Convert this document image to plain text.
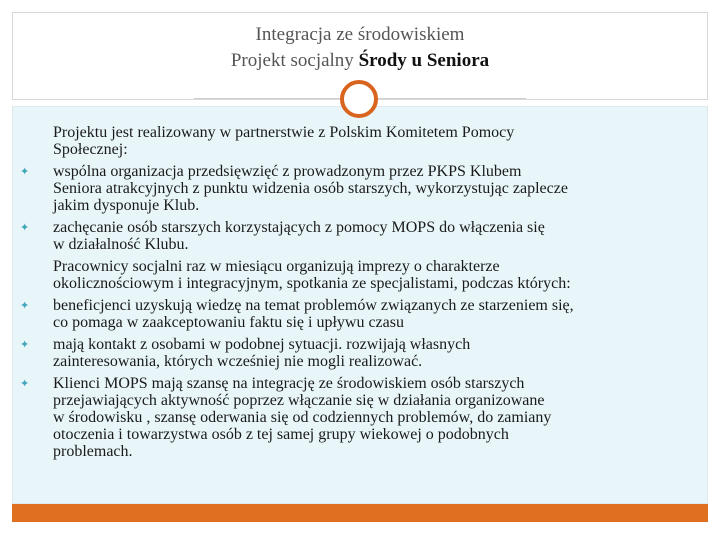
Integracja ze środowiskiem
Projekt socjalny Środy u Seniora
Projektu jest realizowany w partnerstwie z Polskim Komitetem Pomocy
Społecznej:
✦ wspólna organizacja przedsięwzięć z prowadzonym przez PKPS Klubem
Seniora atrakcyjnych z punktu widzenia osób starszych, wykorzystując zaplecze
jakim dysponuje Klub.
✦ zachęcanie osób starszych korzystających z pomocy MOPS do włączenia się
w działalność Klubu.
Pracownicy socjalni raz w miesiącu organizują imprezy o charakterze
okolicznościowym i integracyjnym, spotkania ze specjalistami, podczas których:
✦ beneficjenci uzyskują wiedzę na temat problemów związanych ze starzeniem się,
co pomaga w zaakceptowaniu faktu się i upływu czasu
✦ mają kontakt z osobami w podobnej sytuacji. rozwijają własnych
zainteresowania, których wcześniej nie mogli realizować.
✦ Klienci MOPS mają szansę na integrację ze środowiskiem osób starszych
przejawiających aktywność poprzez włączanie się w działania organizowane
w środowisku , szansę oderwania się od codziennych problemów, do zamiany
otoczenia i towarzystwa osób z tej samej grupy wiekowej o podobnych
problemach.
